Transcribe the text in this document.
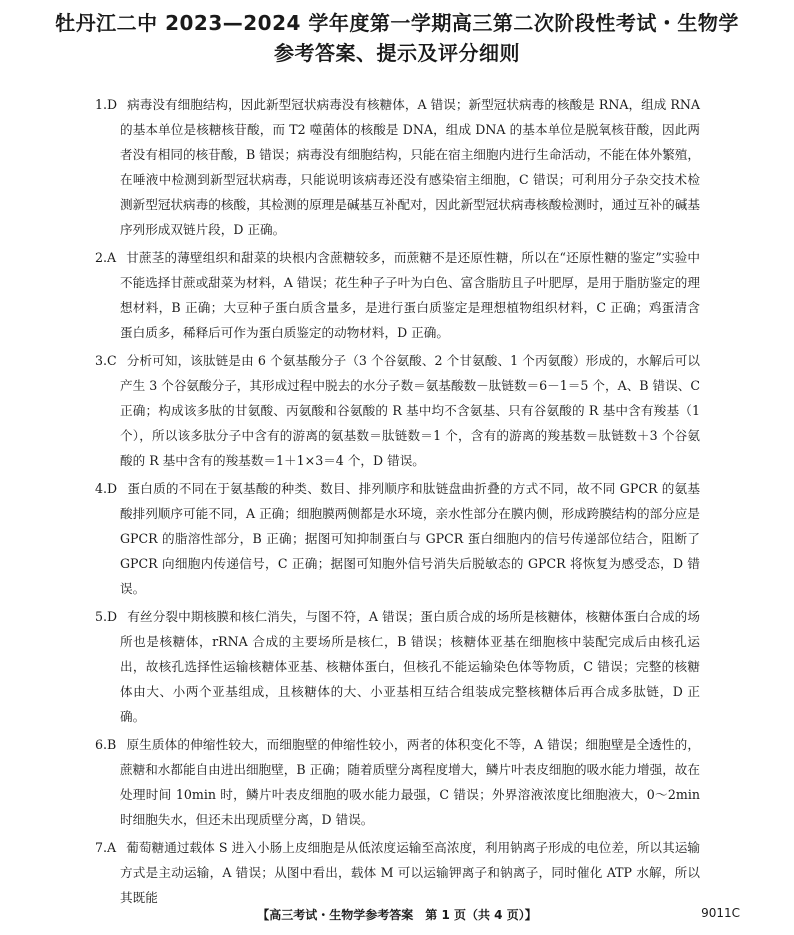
牡丹江二中 2023—2024 学年度第一学期高三第二次阶段性考试・生物学
参考答案、提示及评分细则

1.D 病毒没有细胞结构，因此新型冠状病毒没有核糖体，A 错误；新型冠状病毒的核酸是 RNA，组成 RNA 的基本单位是核糖核苷酸，而 T2 噬菌体的核酸是 DNA，组成 DNA 的基本单位是脱氧核苷酸，因此两者没有相同的核苷酸，B 错误；病毒没有细胞结构，只能在宿主细胞内进行生命活动，不能在体外繁殖，在唾液中检测到新型冠状病毒，只能说明该病毒还没有感染宿主细胞，C 错误；可利用分子杂交技术检测新型冠状病毒的核酸，其检测的原理是碱基互补配对，因此新型冠状病毒核酸检测时，通过互补的碱基序列形成双链片段，D 正确。

2.A 甘蔗茎的薄壁组织和甜菜的块根内含蔗糖较多，而蔗糖不是还原性糖，所以在“还原性糖的鉴定”实验中不能选择甘蔗或甜菜为材料，A 错误；花生种子子叶为白色、富含脂肪且子叶肥厚，是用于脂肪鉴定的理想材料，B 正确；大豆种子蛋白质含量多，是进行蛋白质鉴定是理想植物组织材料，C 正确；鸡蛋清含蛋白质多，稀释后可作为蛋白质鉴定的动物材料，D 正确。

3.C 分析可知，该肽链是由 6 个氨基酸分子（3 个谷氨酸、2 个甘氨酸、1 个丙氨酸）形成的，水解后可以产生 3 个谷氨酸分子，其形成过程中脱去的水分子数＝氨基酸数－肽链数＝6－1＝5 个，A、B 错误、C 正确；构成该多肽的甘氨酸、丙氨酸和谷氨酸的 R 基中均不含氨基、只有谷氨酸的 R 基中含有羧基（1 个），所以该多肽分子中含有的游离的氨基数＝肽链数＝1 个，含有的游离的羧基数＝肽链数＋3 个谷氨酸的 R 基中含有的羧基数＝1＋1×3＝4 个，D 错误。

4.D 蛋白质的不同在于氨基酸的种类、数目、排列顺序和肽链盘曲折叠的方式不同，故不同 GPCR 的氨基酸排列顺序可能不同，A 正确；细胞膜两侧都是水环境，亲水性部分在膜内侧，形成跨膜结构的部分应是 GPCR 的脂溶性部分，B 正确；据图可知抑制蛋白与 GPCR 蛋白细胞内的信号传递部位结合，阻断了 GPCR 向细胞内传递信号，C 正确；据图可知胞外信号消失后脱敏态的 GPCR 将恢复为感受态，D 错误。

5.D 有丝分裂中期核膜和核仁消失，与图不符，A 错误；蛋白质合成的场所是核糖体，核糖体蛋白合成的场所也是核糖体，rRNA 合成的主要场所是核仁，B 错误；核糖体亚基在细胞核中装配完成后由核孔运出，故核孔选择性运输核糖体亚基、核糖体蛋白，但核孔不能运输染色体等物质，C 错误；完整的核糖体由大、小两个亚基组成，且核糖体的大、小亚基相互结合组装成完整核糖体后再合成多肽链，D 正确。

6.B 原生质体的伸缩性较大，而细胞壁的伸缩性较小，两者的体积变化不等，A 错误；细胞壁是全透性的，蔗糖和水都能自由进出细胞壁，B 正确；随着质壁分离程度增大，鳞片叶表皮细胞的吸水能力增强，故在处理时间 10min 时，鳞片叶表皮细胞的吸水能力最强，C 错误；外界溶液浓度比细胞液大，0～2min 时细胞失水，但还未出现质壁分离，D 错误。

7.A 葡萄糖通过载体 S 进入小肠上皮细胞是从低浓度运输至高浓度，利用钠离子形成的电位差，所以其运输方式是主动运输，A 错误；从图中看出，载体 M 可以运输钾离子和钠离子，同时催化 ATP 水解，所以其既能

【高三考试・生物学参考答案　第 1 页（共 4 页）】	9011C
